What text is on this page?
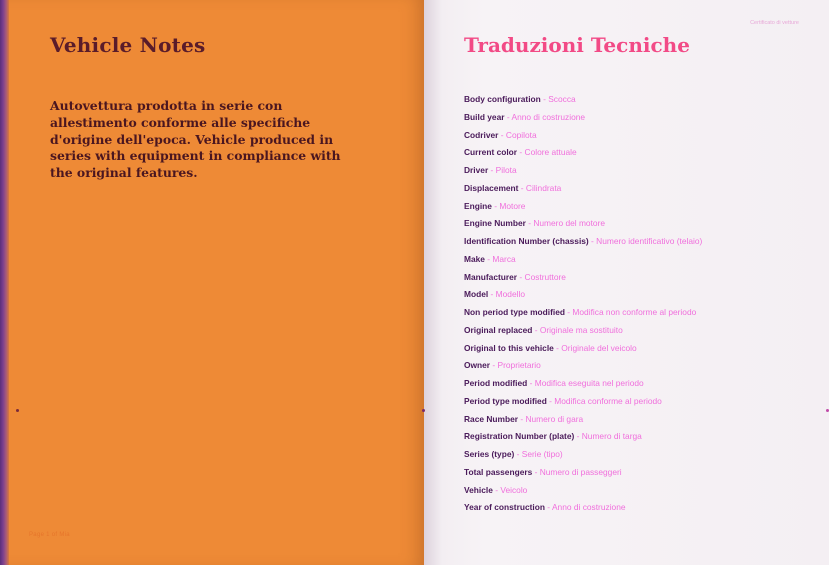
Vehicle Notes
Autovettura prodotta in serie con allestimento conforme alle specifiche d'origine dell'epoca. Vehicle produced in series with equipment in compliance with the original features.
Page 1 of Mia
Certificato di vetture
Traduzioni Tecniche
Body configuration - Scocca
Build year - Anno di costruzione
Codriver - Copilota
Current color - Colore attuale
Driver - Pilota
Displacement - Cilindrata
Engine - Motore
Engine Number - Numero del motore
Identification Number (chassis) - Numero identificativo (telaio)
Make - Marca
Manufacturer - Costruttore
Model - Modello
Non period type modified - Modifica non conforme al periodo
Original replaced - Originale ma sostituito
Original to this vehicle - Originale del veicolo
Owner - Proprietario
Period modified - Modifica eseguita nel periodo
Period type modified - Modifica conforme al periodo
Race Number - Numero di gara
Registration Number (plate) - Numero di targa
Series (type) - Serie (tipo)
Total passengers - Numero di passeggeri
Vehicle - Veicolo
Year of construction - Anno di costruzione
